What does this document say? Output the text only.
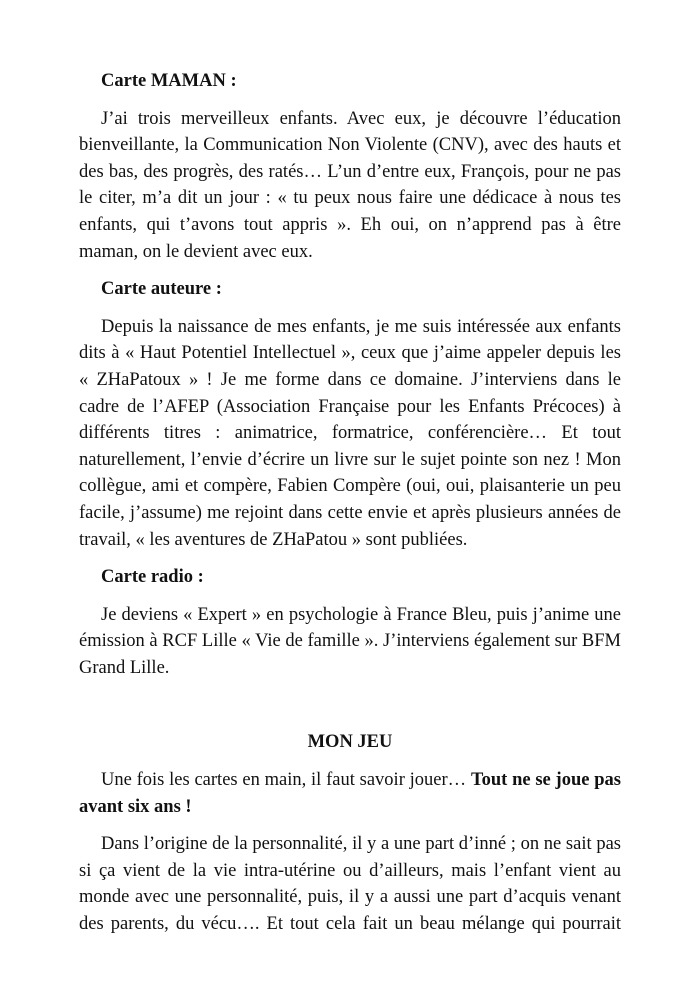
Carte MAMAN :

J’ai trois merveilleux enfants. Avec eux, je découvre l’éducation bienveillante, la Communication Non Violente (CNV), avec des hauts et des bas, des progrès, des ratés… L’un d’entre eux, François, pour ne pas le citer, m’a dit un jour : « tu peux nous faire une dédicace à nous tes enfants, qui t’avons tout appris ». Eh oui, on n’apprend pas à être maman, on le devient avec eux.

Carte auteure :

Depuis la naissance de mes enfants, je me suis intéressée aux enfants dits à « Haut Potentiel Intellectuel », ceux que j’aime appeler depuis les « ZHaPatoux » ! Je me forme dans ce domaine. J’interviens dans le cadre de l’AFEP (Association Française pour les Enfants Précoces) à différents titres : animatrice, formatrice, conférencière… Et tout naturellement, l’envie d’écrire un livre sur le sujet pointe son nez ! Mon collègue, ami et compère, Fabien Compère (oui, oui, plaisanterie un peu facile, j’assume) me rejoint dans cette envie et après plusieurs années de travail, « les aventures de ZHaPatou » sont publiées.

Carte radio :

Je deviens « Expert » en psychologie à France Bleu, puis j’anime une émission à RCF Lille « Vie de famille ». J’interviens également sur BFM Grand Lille.

MON JEU

Une fois les cartes en main, il faut savoir jouer… Tout ne se joue pas avant six ans !

Dans l’origine de la personnalité, il y a une part d’inné ; on ne sait pas si ça vient de la vie intra-utérine ou d’ailleurs, mais l’enfant vient au monde avec une personnalité, puis, il y a aussi une part d’acquis venant des parents, du vécu…. Et tout cela fait un beau mélange qui pourrait
